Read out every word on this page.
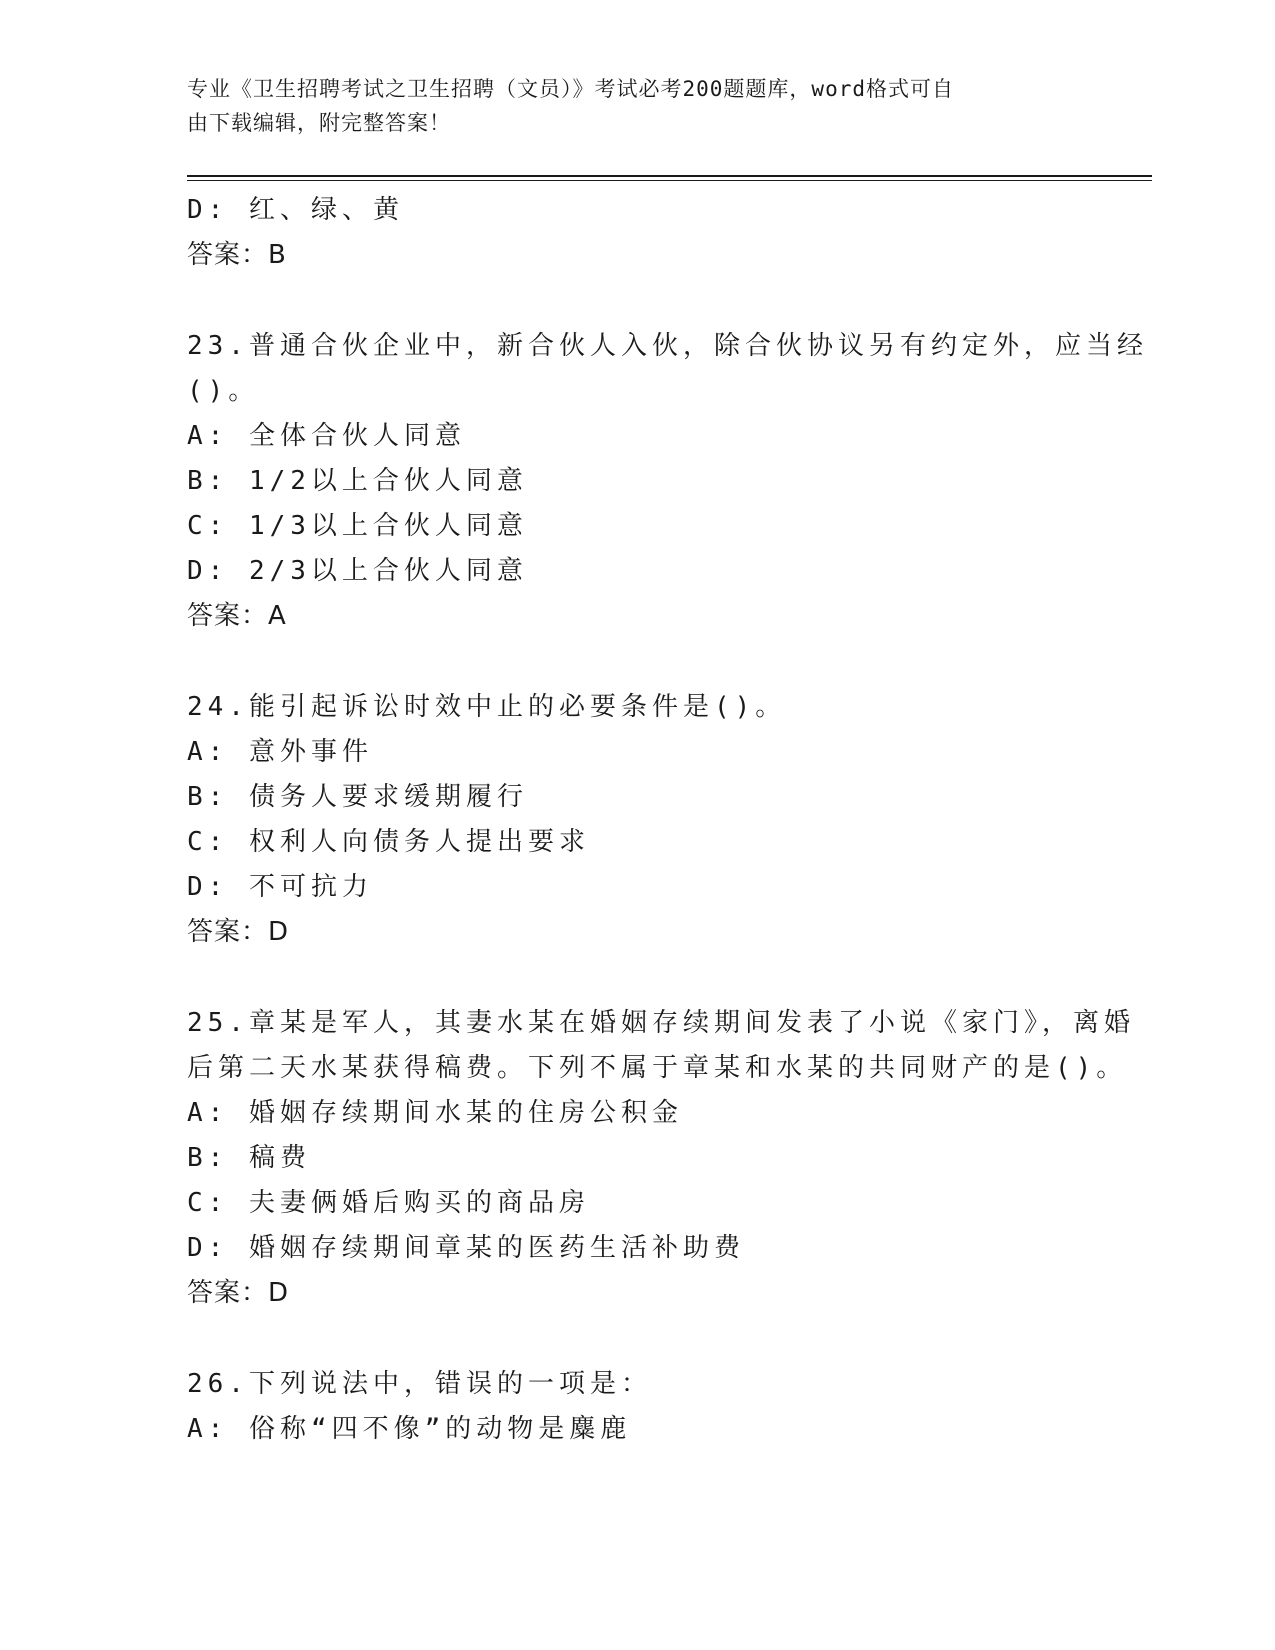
专业《卫生招聘考试之卫生招聘（文员）》考试必考200题题库，word格式可自
由下载编辑，附完整答案！
D: 红、绿、黄
答案：B
23.普通合伙企业中，新合伙人入伙，除合伙协议另有约定外，应当经
()。
A: 全体合伙人同意
B: 1/2以上合伙人同意
C: 1/3以上合伙人同意
D: 2/3以上合伙人同意
答案：A
24.能引起诉讼时效中止的必要条件是()。
A: 意外事件
B: 债务人要求缓期履行
C: 权利人向债务人提出要求
D: 不可抗力
答案：D
25.章某是军人，其妻水某在婚姻存续期间发表了小说《家门》，离婚
后第二天水某获得稿费。下列不属于章某和水某的共同财产的是()。
A: 婚姻存续期间水某的住房公积金
B: 稿费
C: 夫妻俩婚后购买的商品房
D: 婚姻存续期间章某的医药生活补助费
答案：D
26.下列说法中，错误的一项是：
A: 俗称“四不像”的动物是麋鹿
